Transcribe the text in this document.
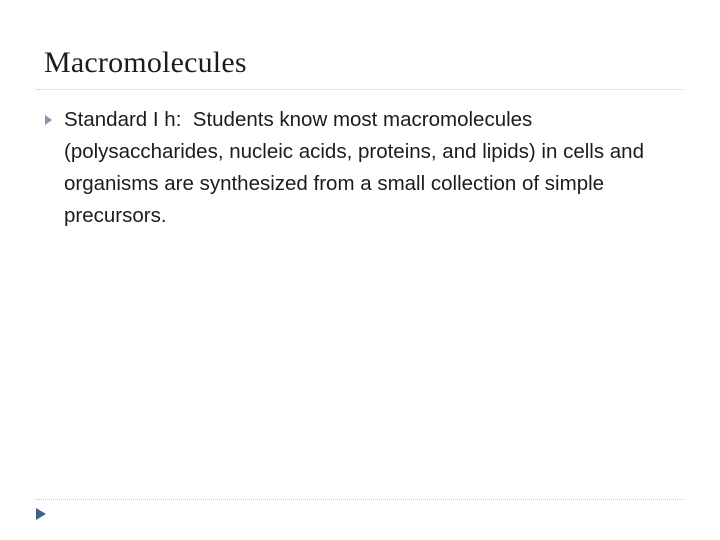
Macromolecules
Standard I h:  Students know most macromolecules (polysaccharides, nucleic acids, proteins, and lipids) in cells and organisms are synthesized from a small collection of simple precursors.
